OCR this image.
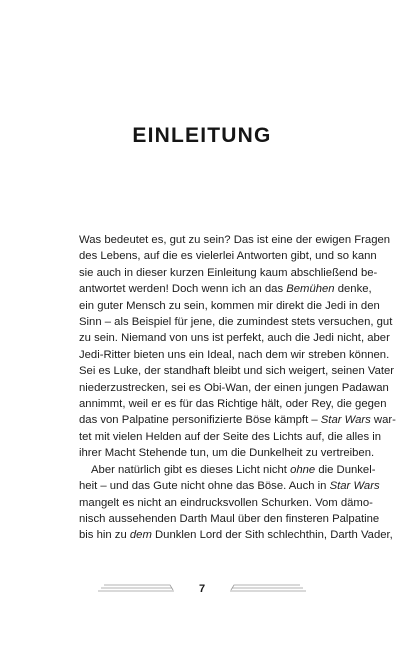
EINLEITUNG

Was bedeutet es, gut zu sein? Das ist eine der ewigen Fragen
des Lebens, auf die es vielerlei Antworten gibt, und so kann
sie auch in dieser kurzen Einleitung kaum abschließend be-
antwortet werden! Doch wenn ich an das Bemühen denke,
ein guter Mensch zu sein, kommen mir direkt die Jedi in den
Sinn – als Beispiel für jene, die zumindest stets versuchen, gut
zu sein. Niemand von uns ist perfekt, auch die Jedi nicht, aber
Jedi-Ritter bieten uns ein Ideal, nach dem wir streben können.
Sei es Luke, der standhaft bleibt und sich weigert, seinen Vater
niederzustrecken, sei es Obi-Wan, der einen jungen Padawan
annimmt, weil er es für das Richtige hält, oder Rey, die gegen
das von Palpatine personifizierte Böse kämpft – Star Wars war-
tet mit vielen Helden auf der Seite des Lichts auf, die alles in
ihrer Macht Stehende tun, um die Dunkelheit zu vertreiben.

Aber natürlich gibt es dieses Licht nicht ohne die Dunkel-
heit – und das Gute nicht ohne das Böse. Auch in Star Wars
mangelt es nicht an eindrucksvollen Schurken. Vom dämo-
nisch aussehenden Darth Maul über den finsteren Palpatine
bis hin zu dem Dunklen Lord der Sith schlechthin, Darth Vader,

7
